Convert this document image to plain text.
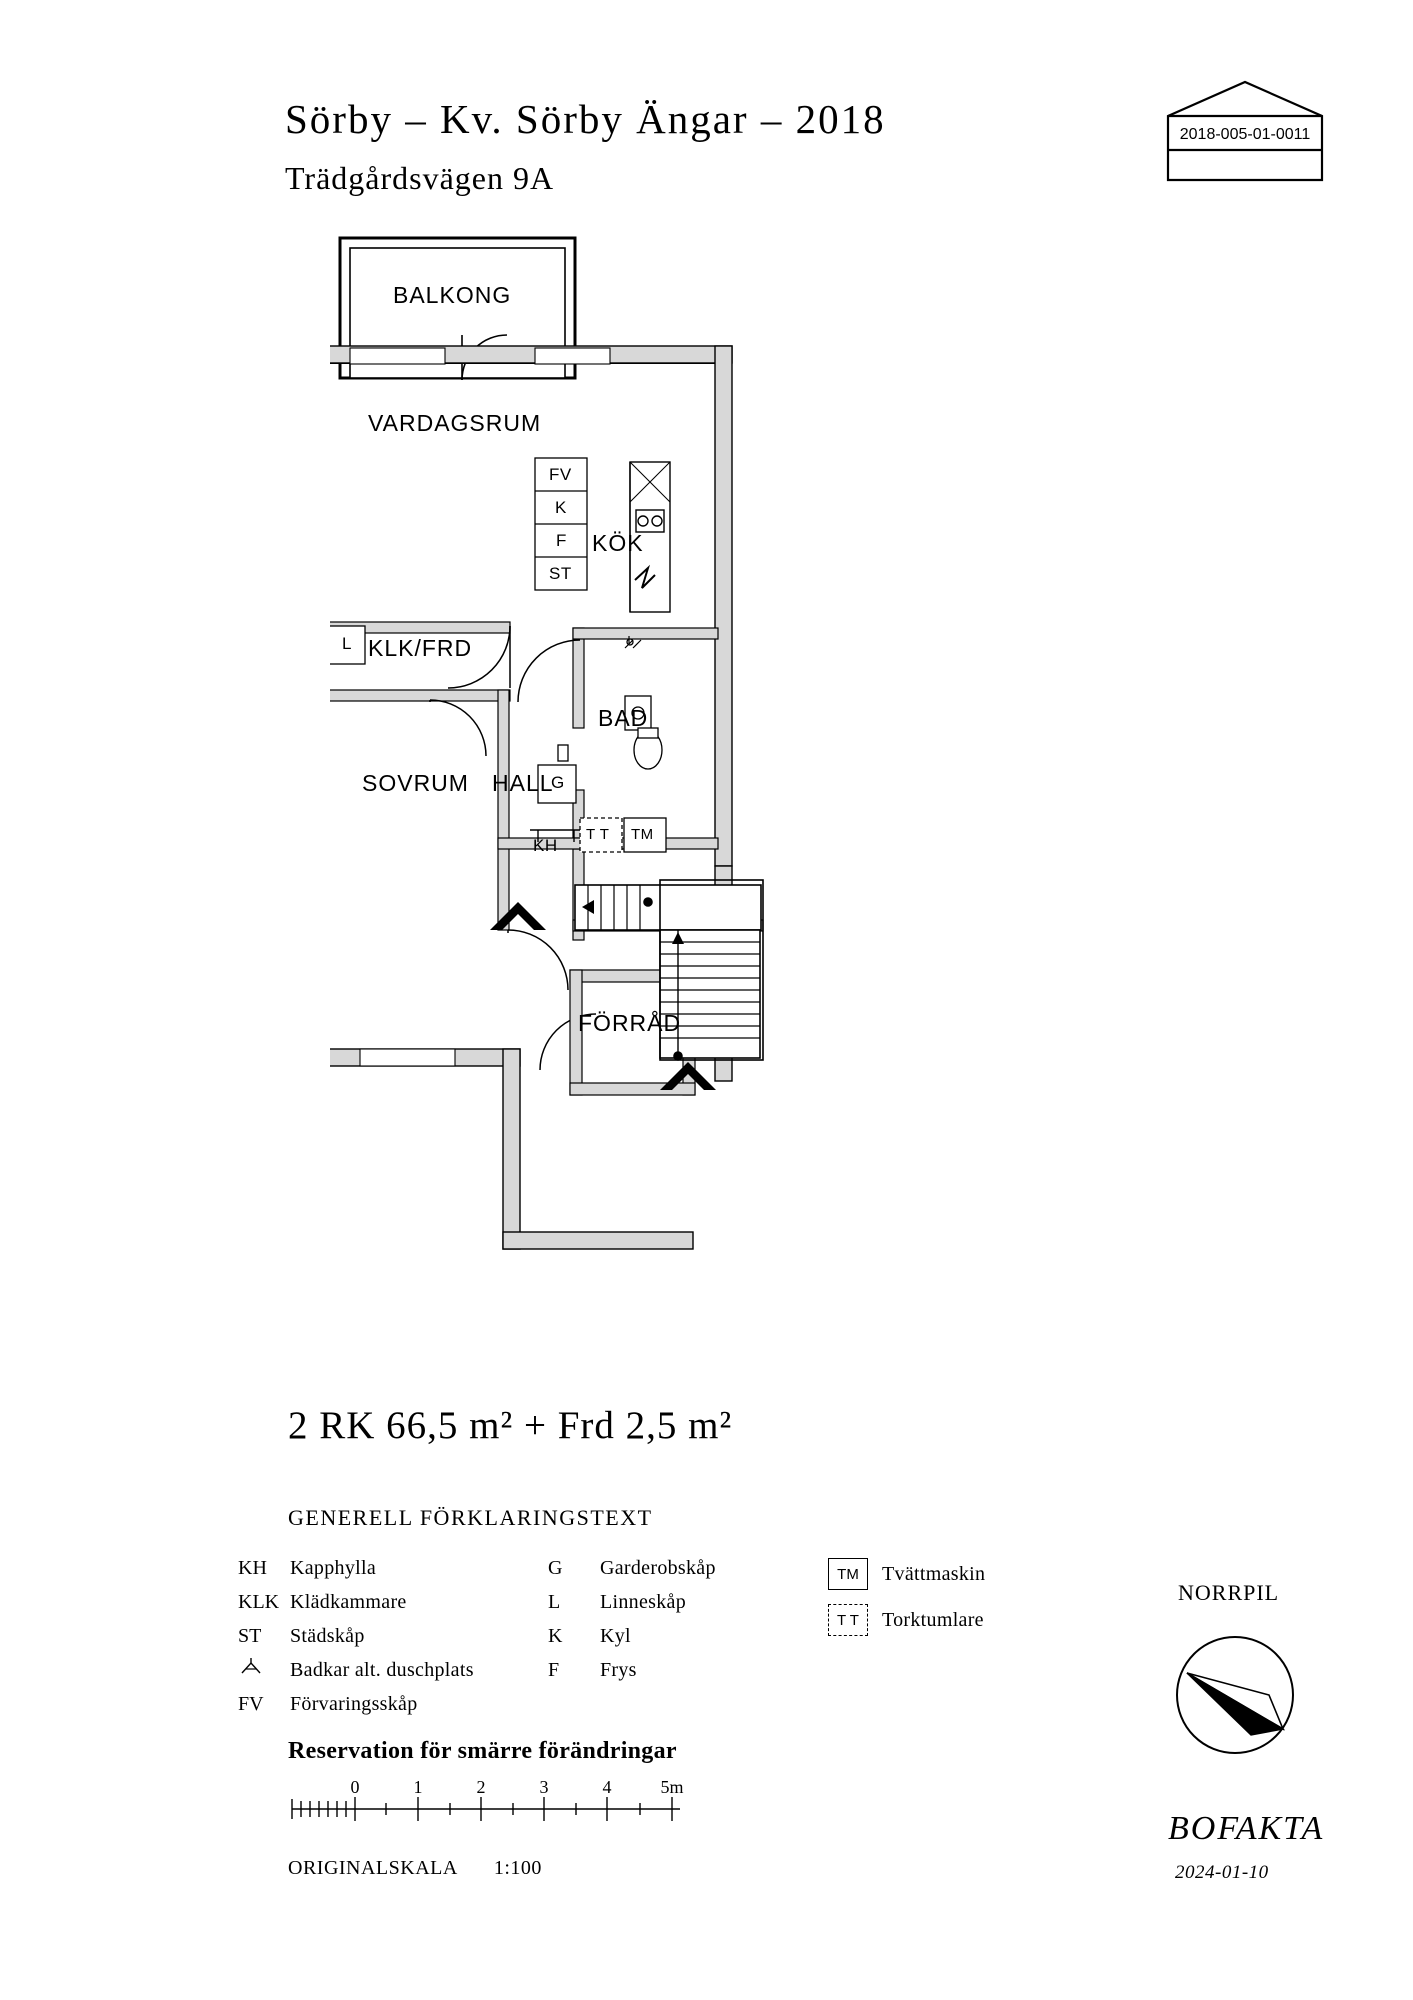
Sörby – Kv. Sörby Ängar – 2018
Trädgårdsvägen 9A
2018-005-01-0011
BALKONG
VARDAGSRUM
KÖK
KLK/FRD
BAD
SOVRUM HALL
FÖRRÅD
FV
K
F
ST
L
G
KH
T T TM
2 RK 66,5 m² + Frd 2,5 m²
GENERELL FÖRKLARINGSTEXT
KH	Kapphylla
KLK Klädkammare
ST	Städskåp
Badkar alt. duschplats
FV	Förvaringsskåp
G	Garderobskåp
L	Linneskåp
K	Kyl
F	Frys
TM	Tvättmaskin
T T	Torktumlare
Reservation för smärre förändringar
0	1	2	3	4	5m
ORIGINALSKALA 1:100
NORRPIL
BOFAKTA
2024-01-10
